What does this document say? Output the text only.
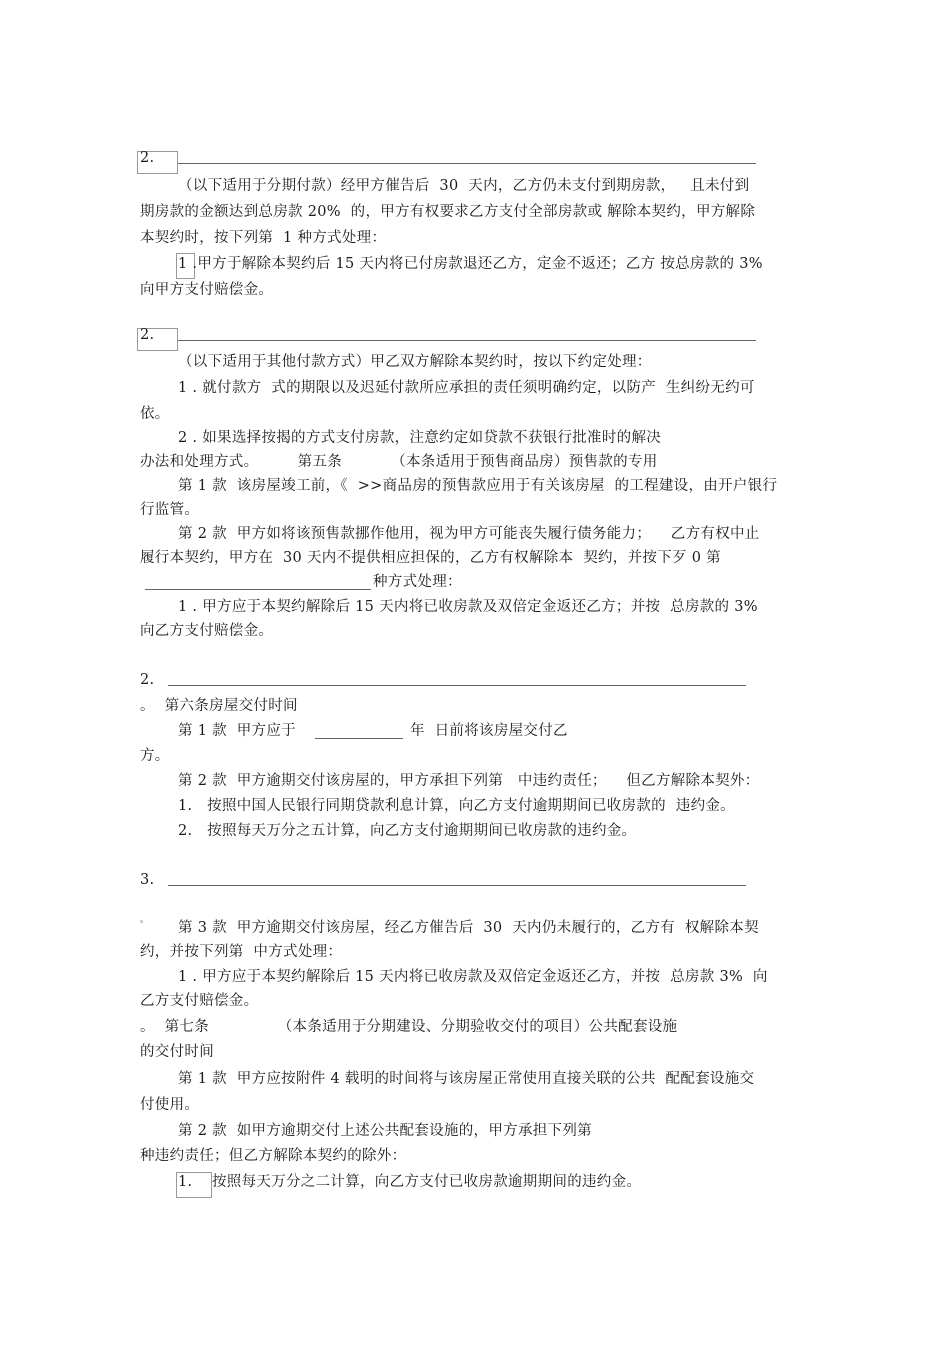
2.
（以下适用于分期付款）经甲方催告后  30  天内，乙方仍未支付到期房款，   且未付到
期房款的金额达到总房款 20%  的，甲方有权要求乙方支付全部房款或 解除本契约，甲方解除
本契约时，按下列第  1 种方式处理：
1 .甲方于解除本契约后 15 天内将已付房款退还乙方，定金不返还；乙方 按总房款的 3%
向甲方支付赔偿金。
2.
（以下适用于其他付款方式）甲乙双方解除本契约时，按以下约定处理：
1 . 就付款方  式的期限以及迟延付款所应承担的责任须明确约定，以防产  生纠纷无约可
依。
2 . 如果选择按揭的方式支付房款，注意约定如贷款不获银行批准时的解决
办法和处理方式。        第五条          （本条适用于预售商品房）预售款的专用
第 1 款  该房屋竣工前，《  >>商品房的预售款应用于有关该房屋  的工程建设，由开户银行
行监管。
第 2 款  甲方如将该预售款挪作他用，视为甲方可能丧失履行债务能力；    乙方有权中止
履行本契约，甲方在  30 天内不提供相应担保的，乙方有权解除本  契约，并按下歹 0 第
种方式处理：
1 . 甲方应于本契约解除后 15 天内将已收房款及双倍定金返还乙方；并按  总房款的 3%
向乙方支付赔偿金。
2.
。  第六条房屋交付时间
第 1 款  甲方应于	年  日前将该房屋交付乙
方。
第 2 款  甲方逾期交付该房屋的，甲方承担下列第   中违约责任；    但乙方解除本契外：
1.   按照中国人民银行同期贷款利息计算，向乙方支付逾期期间已收房款的  违约金。
2.   按照每天万分之五计算，向乙方支付逾期期间已收房款的违约金。
3.
。 第 3 款  甲方逾期交付该房屋，经乙方催告后  30  天内仍未履行的，乙方有  权解除本契
约，并按下列第  中方式处理：
1 . 甲方应于本契约解除后 15 天内将已收房款及双倍定金返还乙方，并按  总房款 3%  向
乙方支付赔偿金。
。  第七条              （本条适用于分期建设、分期验收交付的项目）公共配套设施
的交付时间
第 1 款  甲方应按附件 4 载明的时间将与该房屋正常使用直接关联的公共  配配套设施交
付使用。
第 2 款  如甲方逾期交付上述公共配套设施的，甲方承担下列第
种违约责任；但乙方解除本契约的除外：
1. 按照每天万分之二计算，向乙方支付已收房款逾期期间的违约金。
